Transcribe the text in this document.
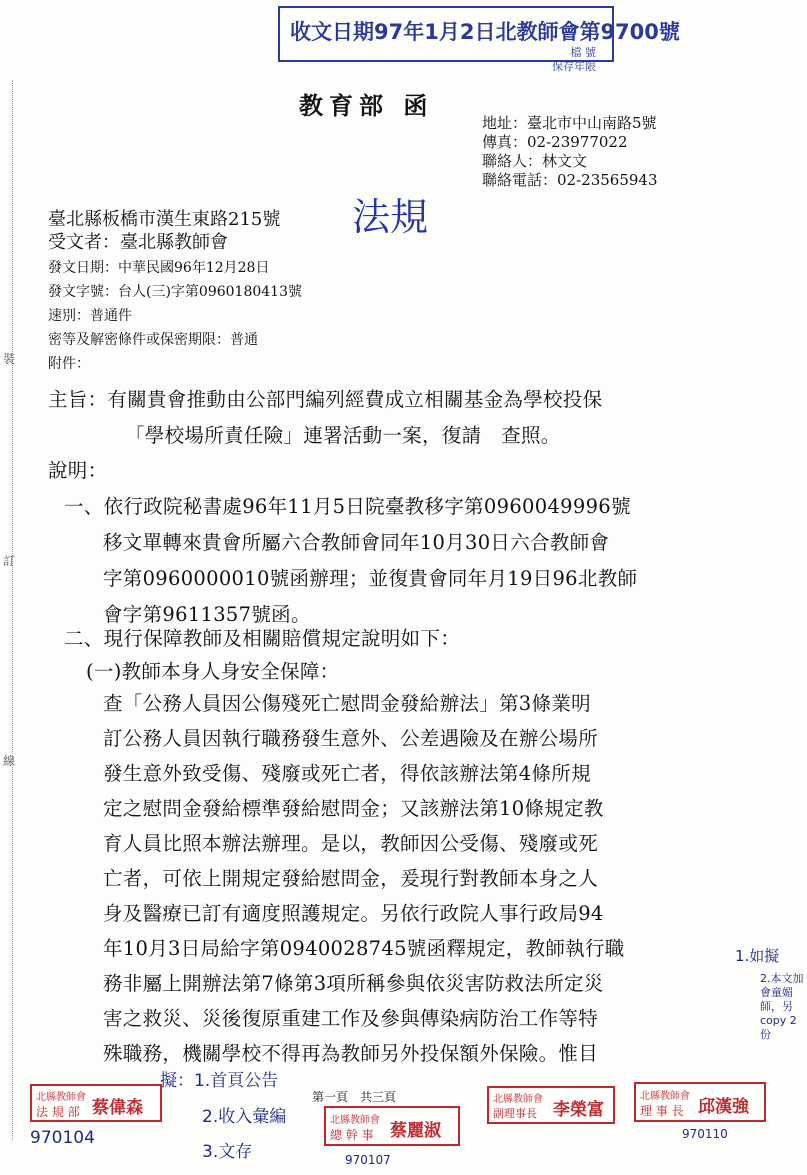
裝
訂
線
收文日期97年1月2日北教師會第9700號
檔 號
保存年限
教育部 函
地址：臺北市中山南路5號
傳真：02-23977022
聯絡人：林文文
聯絡電話：02-23565943
法規
臺北縣板橋市漢生東路215號
受文者：臺北縣教師會
發文日期：中華民國96年12月28日
發文字號：台人(三)字第0960180413號
速別：普通件
密等及解密條件或保密期限：普通
附件：
主旨：有關貴會推動由公部門編列經費成立相關基金為學校投保
「學校場所責任險」連署活動一案，復請　查照。
說明：
一、依行政院秘書處96年11月5日院臺教移字第0960049996號
移文單轉來貴會所屬六合教師會同年10月30日六合教師會
字第0960000010號函辦理；並復貴會同年月19日96北教師
會字第9611357號函。
二、現行保障教師及相關賠償規定說明如下：
(一)教師本身人身安全保障：
查「公務人員因公傷殘死亡慰問金發給辦法」第3條業明
訂公務人員因執行職務發生意外、公差遇險及在辦公場所
發生意外致受傷、殘廢或死亡者，得依該辦法第4條所規
定之慰問金發給標準發給慰問金；又該辦法第10條規定教
育人員比照本辦法辦理。是以，教師因公受傷、殘廢或死
亡者，可依上開規定發給慰問金，爰現行對教師本身之人
身及醫療已訂有適度照護規定。另依行政院人事行政局94
年10月3日局給字第0940028745號函釋規定，教師執行職
務非屬上開辦法第7條第3項所稱參與依災害防救法所定災
害之救災、災後復原重建工作及參與傳染病防治工作等特
殊職務，機關學校不得再為教師另外投保額外保險。惟目
1.如擬
2.本文加會童媚師，另copy 2份
擬：1.首頁公告
2.收入彙編
3.文存
970104
970107
970110
第一頁　共三頁
北縣教師會
法 規 部 蔡偉森
北縣教師會
總 幹 事 蔡麗淑
北縣教師會
副理事長 李榮富
北縣教師會
理 事 長 邱漢強
